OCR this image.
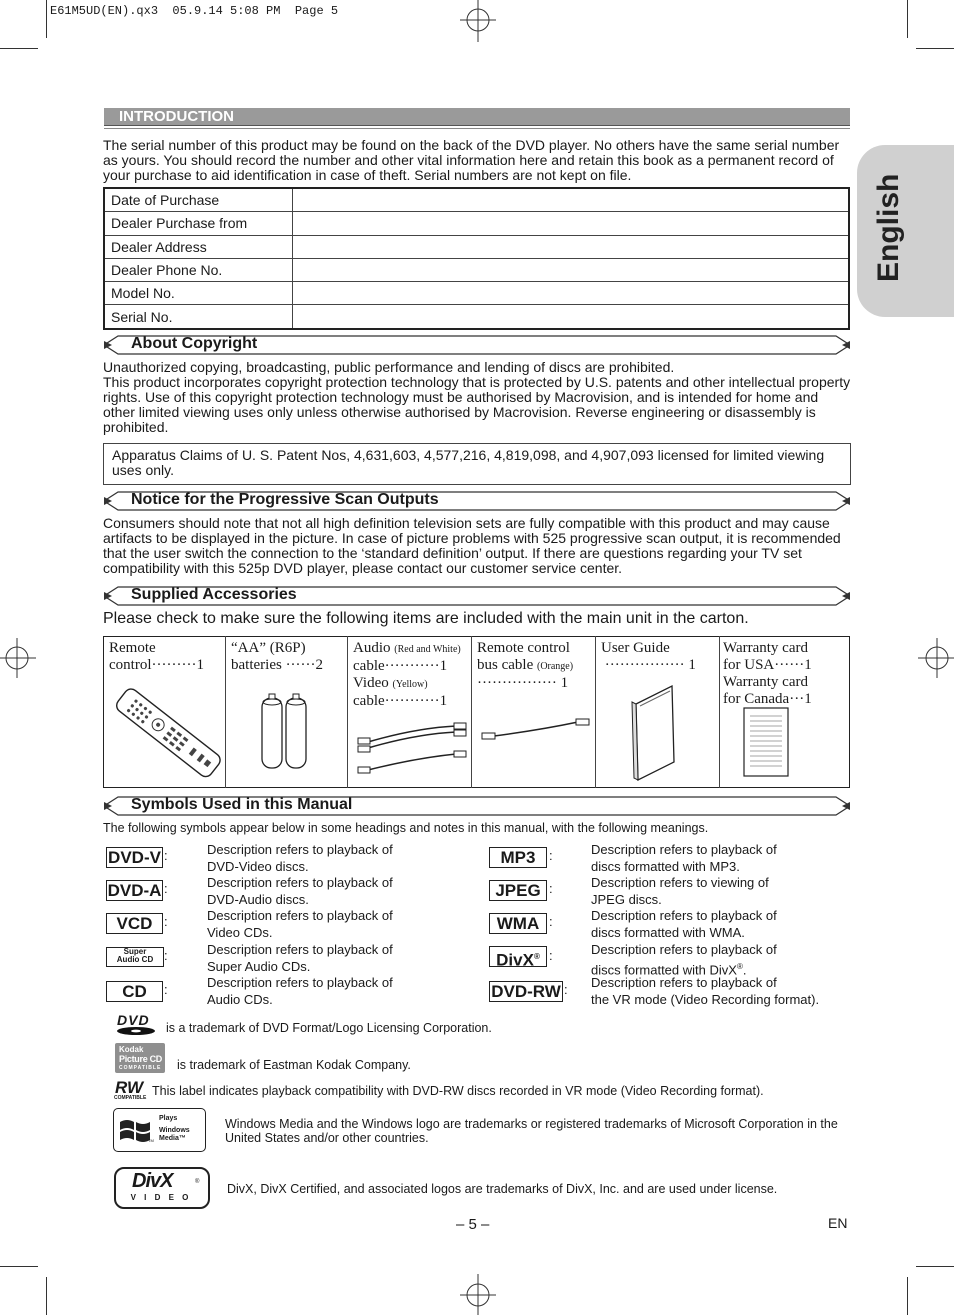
E61M5UD(EN).qx3  05.9.14 5:08 PM  Page 5
English
INTRODUCTION
The serial number of this product may be found on the back of the DVD player. No others have the same serial number as yours. You should record the number and other vital information here and retain this book as a permanent record of your purchase to aid identification in case of theft. Serial numbers are not kept on file.
Date of Purchase	
Dealer Purchase from	
Dealer Address	
Dealer Phone No.	
Model No.	
Serial No.	
About Copyright
Unauthorized copying, broadcasting, public performance and lending of discs are prohibited.
This product incorporates copyright protection technology that is protected by U.S. patents and other intellectual property rights. Use of this copyright protection technology must be authorised by Macrovision, and is intended for home and other limited viewing uses only unless otherwise authorised by Macrovision. Reverse engineering or disassembly is prohibited.
Apparatus Claims of U. S. Patent Nos, 4,631,603, 4,577,216, 4,819,098, and 4,907,093 licensed for limited viewing uses only.
Notice for the Progressive Scan Outputs
Consumers should note that not all high definition television sets are fully compatible with this product and may cause artifacts to be displayed in the picture. In case of picture problems with 525 progressive scan output, it is recommended that the user switch the connection to the ‘standard definition’ output. If there are questions regarding your TV set compatibility with this 525p DVD player, please contact our customer service center.
Supplied Accessories
Please check to make sure the following items are included with the main unit in the carton.
Remote
control·········1
“AA” (R6P)
batteries ······2
Audio (Red and White)
cable···········1
Video (Yellow)
cable···········1
Remote control
bus cable (Orange)
················ 1
User Guide
················ 1
Warranty card
for USA······1
Warranty card
for Canada···1
Symbols Used in this Manual
The following symbols appear below in some headings and notes in this manual, with the following meanings.
DVD-V :	Description refers to playback of
DVD-Video discs.
DVD-A :	Description refers to playback of
DVD-Audio discs.
VCD :	Description refers to playback of
Video CDs.
Super
Audio CD :	Description refers to playback of
Super Audio CDs.
CD	:	Description refers to playback of
Audio CDs.
MP3	:	Description refers to playback of
discs formatted with MP3.
JPEG :	Description refers to viewing of
JPEG discs.
WMA :	Description refers to playback of
discs formatted with WMA.
DivX® :	Description refers to playback of
discs formatted with DivX®.
DVD-RW : Description refers to playback of
the VR mode (Video Recording format).
DVD is a trademark of DVD Format/Logo Licensing Corporation.
Kodak
Picture CD
COMPATIBLE is trademark of Eastman Kodak Company.
RW
COMPATIBLE This label indicates playback compatibility with DVD-RW discs recorded in VR mode (Video Recording format).
Plays
Windows
Media™
TM
Windows Media and the Windows logo are trademarks or registered trademarks of Microsoft Corporation in the United States and/or other countries.
DivX	®
V I D E O
DivX, DivX Certified, and associated logos are trademarks of DivX, Inc. and are used under license.
– 5 –	EN
